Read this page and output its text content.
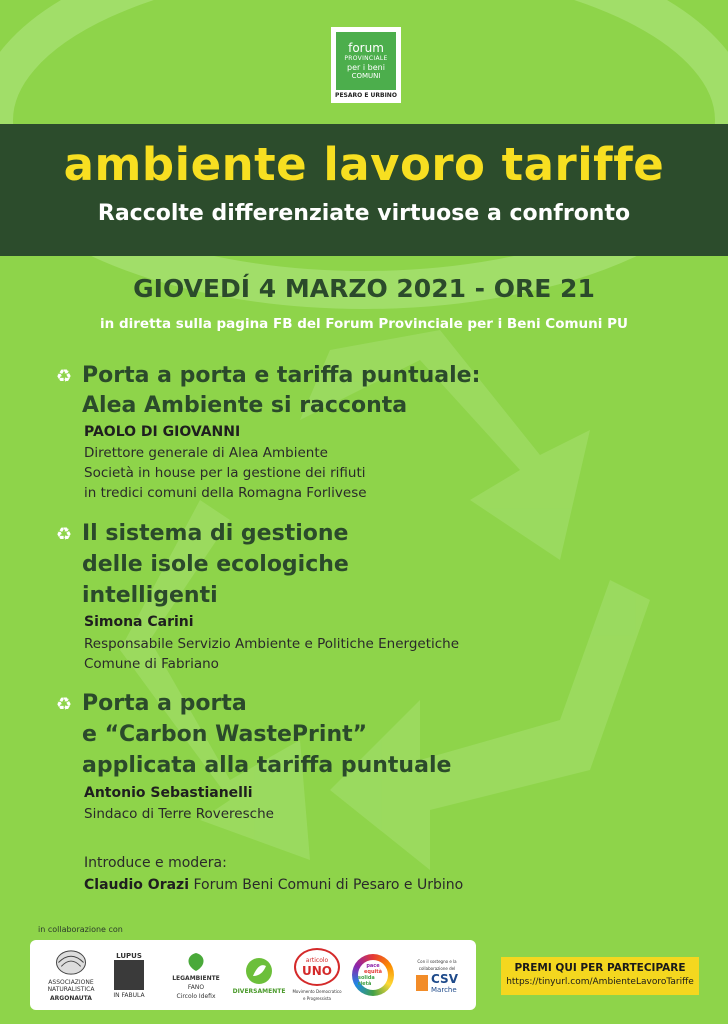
forum
PROVINCIALE
per i beni
COMUNI
PESARO E URBINO
ambiente lavoro tariffe
Raccolte differenziate virtuose a confronto
GIOVEDÍ 4 MARZO 2021 - ORE 21
in diretta sulla pagina FB del Forum Provinciale per i Beni Comuni PU
♻ Porta a porta e tariffa puntuale:
Alea Ambiente si racconta
PAOLO DI GIOVANNI
Direttore generale di Alea Ambiente
Società in house per la gestione dei rifiuti
in tredici comuni della Romagna Forlivese
♻ Il sistema di gestione
delle isole ecologiche
intelligenti
Simona Carini
Responsabile Servizio Ambiente e Politiche Energetiche
Comune di Fabriano
♻ Porta a porta
e “Carbon WastePrint”
applicata alla tariffa puntuale
Antonio Sebastianelli
Sindaco di Terre Roveresche
Introduce e modera:
Claudio Orazi Forum Beni Comuni di Pesaro e Urbino
in collaborazione con
ASSOCIAZIONE NATURALISTICA
ARGONAUTA
LUPUS
IN FABULA
LEGAMBIENTE
FANO
Circolo Idefix
DIVERSAMENTE
articolo
UNO
Movimento Democratico e Progressista
pace
equità
solida rietà
Con il sostegno e la collaborazione del
CSV
Marche
PREMI QUI PER PARTECIPARE
https://tinyurl.com/AmbienteLavoroTariffe
